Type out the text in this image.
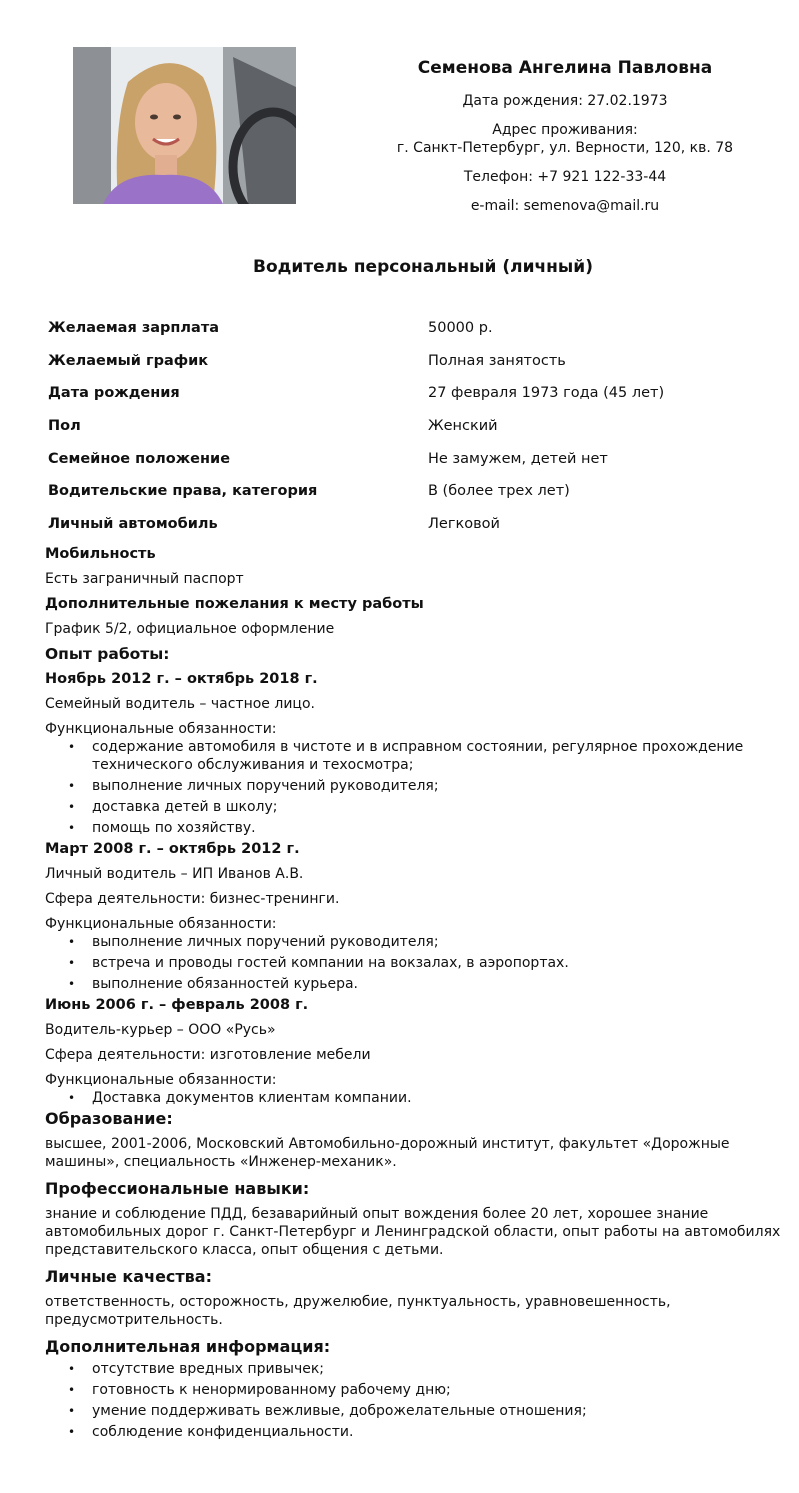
Семенова Ангелина Павловна
Дата рождения: 27.02.1973
Адрес проживания:
г. Санкт-Петербург, ул. Верности, 120, кв. 78
Телефон: +7 921 122-33-44
e-mail: semenova@mail.ru
Водитель персональный (личный)
Желаемая зарплата	50000 р.
Желаемый график	Полная занятость
Дата рождения	27 февраля 1973 года (45 лет)
Пол	Женский
Семейное положение	Не замужем, детей нет
Водительские права, категория	B (более трех лет)
Личный автомобиль	Легковой
Мобильность
Есть заграничный паспорт
Дополнительные пожелания к месту работы
График 5/2, официальное оформление
Опыт работы:
Ноябрь 2012 г. – октябрь 2018 г.
Семейный водитель – частное лицо.
Функциональные обязанности:
• содержание автомобиля в чистоте и в исправном состоянии, регулярное прохождение технического обслуживания и техосмотра;
• выполнение личных поручений руководителя;
• доставка детей в школу;
• помощь по хозяйству.
Март 2008 г. – октябрь 2012 г.
Личный водитель – ИП Иванов А.В.
Сфера деятельности: бизнес-тренинги.
Функциональные обязанности:
• выполнение личных поручений руководителя;
• встреча и проводы гостей компании на вокзалах, в аэропортах.
• выполнение обязанностей курьера.
Июнь 2006 г. – февраль 2008 г.
Водитель-курьер – ООО «Русь»
Сфера деятельности: изготовление мебели
Функциональные обязанности:
• Доставка документов клиентам компании.
Образование:
высшее, 2001-2006, Московский Автомобильно-дорожный институт, факультет «Дорожные машины», специальность «Инженер-механик».
Профессиональные навыки:
знание и соблюдение ПДД, безаварийный опыт вождения более 20 лет, хорошее знание автомобильных дорог г. Санкт-Петербург и Ленинградской области, опыт работы на автомобилях представительского класса, опыт общения с детьми.
Личные качества:
ответственность, осторожность, дружелюбие, пунктуальность, уравновешенность, предусмотрительность.
Дополнительная информация:
• отсутствие вредных привычек;
• готовность к ненормированному рабочему дню;
• умение поддерживать вежливые, доброжелательные отношения;
• соблюдение конфиденциальности.
